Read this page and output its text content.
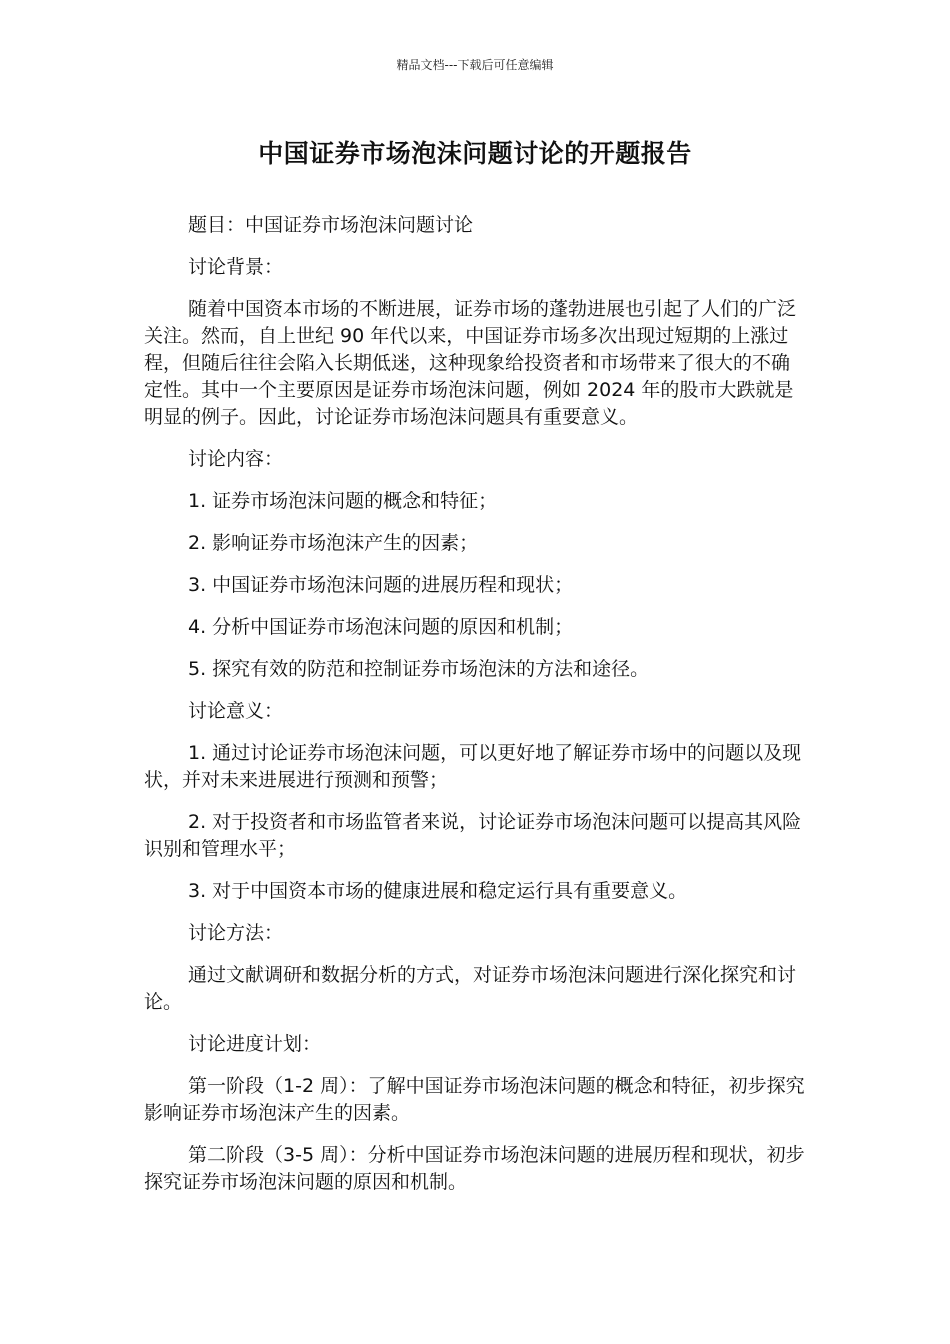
精品文档---下载后可任意编辑
中国证券市场泡沫问题讨论的开题报告

题目：中国证券市场泡沫问题讨论

讨论背景：

随着中国资本市场的不断进展，证券市场的蓬勃进展也引起了人们的广泛关注。然而，自上世纪 90 年代以来，中国证券市场多次出现过短期的上涨过程，但随后往往会陷入长期低迷，这种现象给投资者和市场带来了很大的不确定性。其中一个主要原因是证券市场泡沫问题，例如 2024 年的股市大跌就是明显的例子。因此，讨论证券市场泡沫问题具有重要意义。

讨论内容：

1. 证券市场泡沫问题的概念和特征；

2. 影响证券市场泡沫产生的因素；

3. 中国证券市场泡沫问题的进展历程和现状；

4. 分析中国证券市场泡沫问题的原因和机制；

5. 探究有效的防范和控制证券市场泡沫的方法和途径。

讨论意义：

1. 通过讨论证券市场泡沫问题，可以更好地了解证券市场中的问题以及现状，并对未来进展进行预测和预警；

2. 对于投资者和市场监管者来说，讨论证券市场泡沫问题可以提高其风险识别和管理水平；

3. 对于中国资本市场的健康进展和稳定运行具有重要意义。

讨论方法：

通过文献调研和数据分析的方式，对证券市场泡沫问题进行深化探究和讨论。

讨论进度计划：

第一阶段（1-2 周）：了解中国证券市场泡沫问题的概念和特征，初步探究影响证券市场泡沫产生的因素。

第二阶段（3-5 周）：分析中国证券市场泡沫问题的进展历程和现状，初步探究证券市场泡沫问题的原因和机制。
